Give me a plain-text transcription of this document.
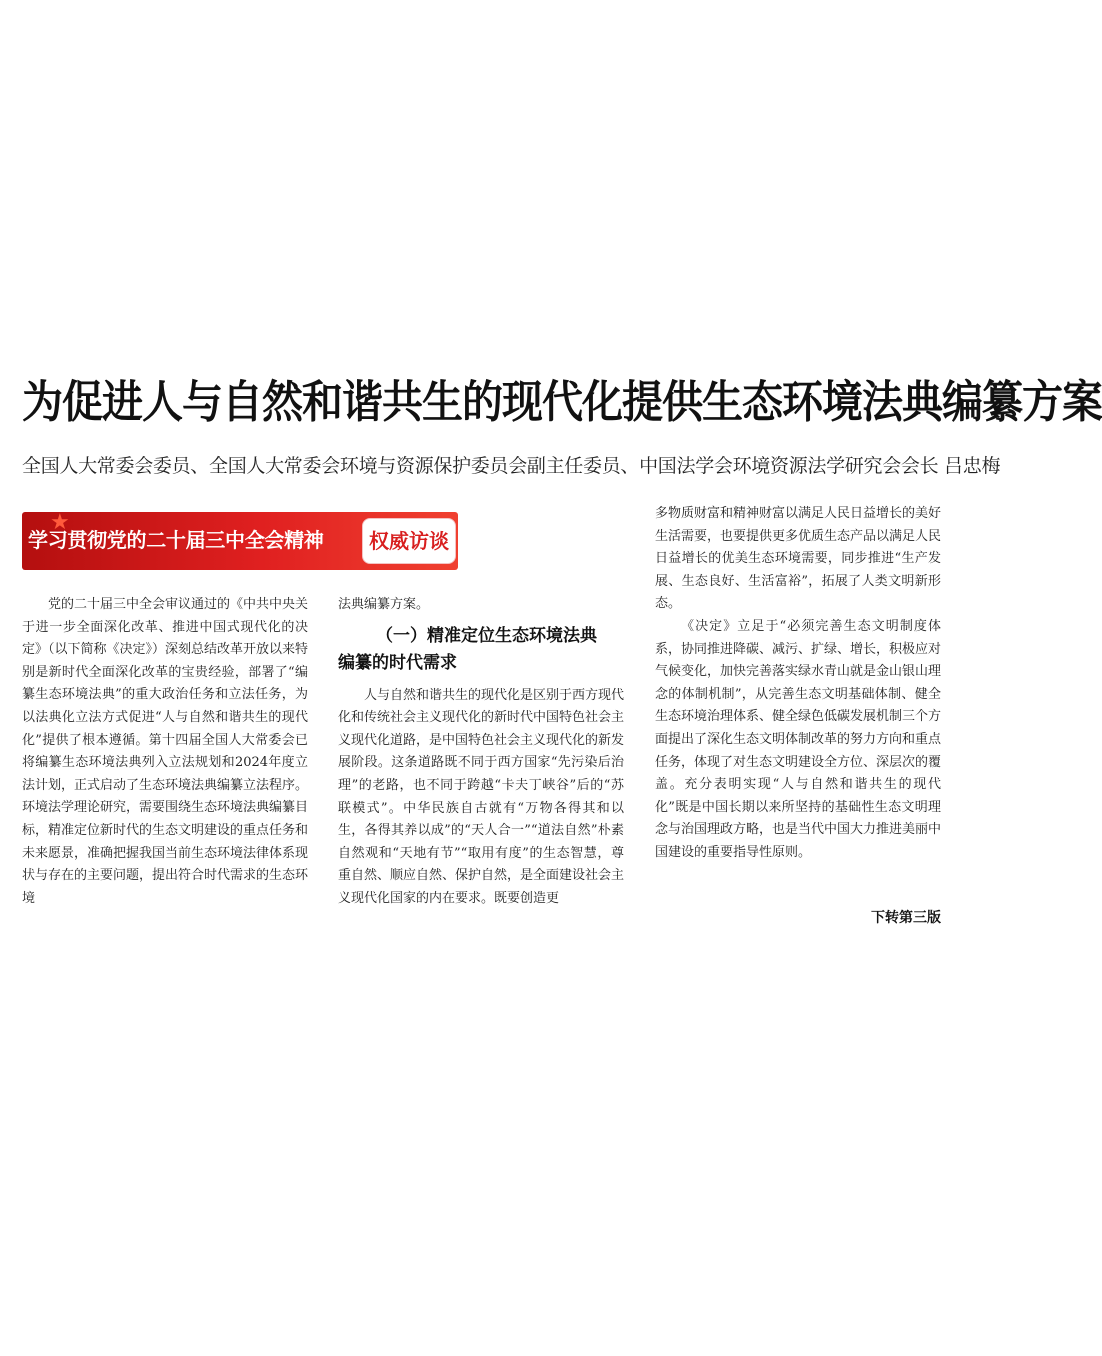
为促进人与自然和谐共生的现代化提供生态环境法典编纂方案
全国人大常委会委员、全国人大常委会环境与资源保护委员会副主任委员、中国法学会环境资源法学研究会会长 吕忠梅
★
学习贯彻党的二十届三中全会精神	权威访谈

党的二十届三中全会审议通过的《中共中央关于进一步全面深化改革、推进中国式现代化的决定》（以下简称《决定》）深刻总结改革开放以来特别是新时代全面深化改革的宝贵经验，部署了“编纂生态环境法典”的重大政治任务和立法任务，为以法典化立法方式促进“人与自然和谐共生的现代化”提供了根本遵循。第十四届全国人大常委会已将编纂生态环境法典列入立法规划和2024年度立法计划，正式启动了生态环境法典编纂立法程序。环境法学理论研究，需要围绕生态环境法典编纂目标，精准定位新时代的生态文明建设的重点任务和未来愿景，准确把握我国当前生态环境法律体系现状与存在的主要问题，提出符合时代需求的生态环境

法典编纂方案。

（一）精准定位生态环境法典
编纂的时代需求

人与自然和谐共生的现代化是区别于西方现代化和传统社会主义现代化的新时代中国特色社会主义现代化道路，是中国特色社会主义现代化的新发展阶段。这条道路既不同于西方国家“先污染后治理”的老路，也不同于跨越“卡夫丁峡谷”后的“苏联模式”。中华民族自古就有“万物各得其和以生，各得其养以成”的“天人合一”“道法自然”朴素自然观和“天地有节”“取用有度”的生态智慧，尊重自然、顺应自然、保护自然，是全面建设社会主义现代化国家的内在要求。既要创造更

多物质财富和精神财富以满足人民日益增长的美好生活需要，也要提供更多优质生态产品以满足人民日益增长的优美生态环境需要，同步推进“生产发展、生态良好、生活富裕”，拓展了人类文明新形态。

《决定》立足于“必须完善生态文明制度体系，协同推进降碳、减污、扩绿、增长，积极应对气候变化，加快完善落实绿水青山就是金山银山理念的体制机制”，从完善生态文明基础体制、健全生态环境治理体系、健全绿色低碳发展机制三个方面提出了深化生态文明体制改革的努力方向和重点任务，体现了对生态文明建设全方位、深层次的覆盖。充分表明实现“人与自然和谐共生的现代化”既是中国长期以来所坚持的基础性生态文明理念与治国理政方略，也是当代中国大力推进美丽中国建设的重要指导性原则。

下转第三版
